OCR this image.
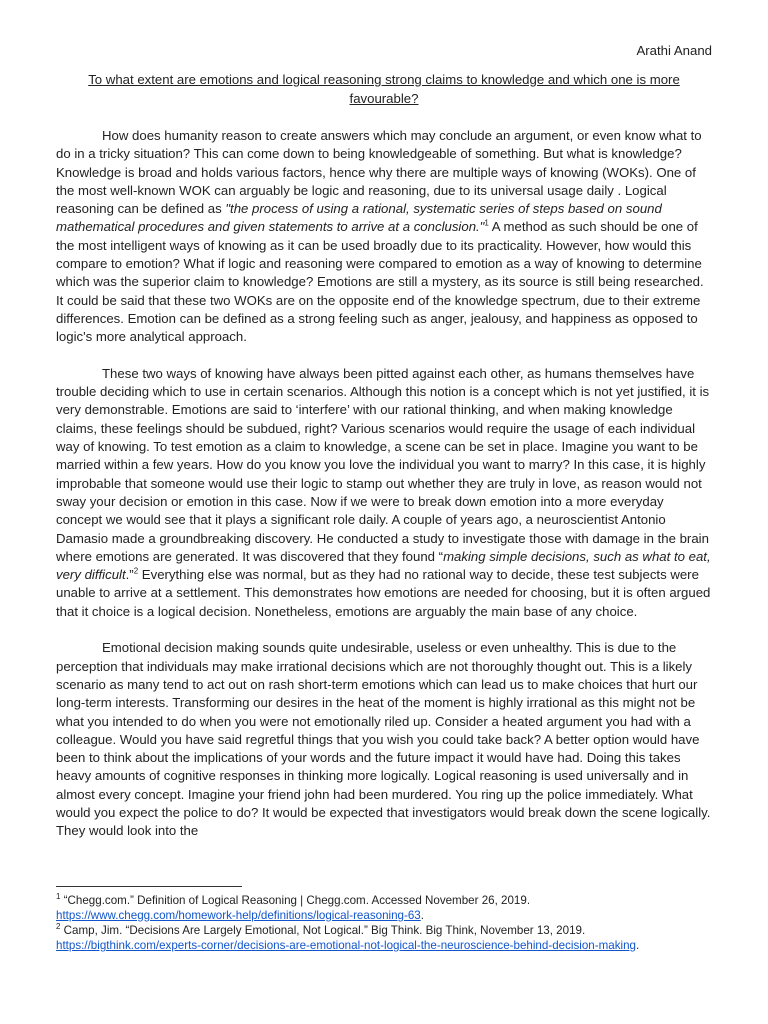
Arathi Anand
To what extent are emotions and logical reasoning strong claims to knowledge and which one is more favourable?

How does humanity reason to create answers which may conclude an argument, or even know what to do in a tricky situation? This can come down to being knowledgeable of something. But what is knowledge? Knowledge is broad and holds various factors, hence why there are multiple ways of knowing (WOKs). One of the most well-known WOK can arguably be logic and reasoning, due to its universal usage daily . Logical reasoning can be defined as "the process of using a rational, systematic series of steps based on sound mathematical procedures and given statements to arrive at a conclusion."$^1$ A method as such should be one of the most intelligent ways of knowing as it can be used broadly due to its practicality. However, how would this compare to emotion? What if logic and reasoning were compared to emotion as a way of knowing to determine which was the superior claim to knowledge? Emotions are still a mystery, as its source is still being researched. It could be said that these two WOKs are on the opposite end of the knowledge spectrum, due to their extreme differences. Emotion can be defined as a strong feeling such as anger, jealousy, and happiness as opposed to logic's more analytical approach.

These two ways of knowing have always been pitted against each other, as humans themselves have trouble deciding which to use in certain scenarios. Although this notion is a concept which is not yet justified, it is very demonstrable. Emotions are said to ‘interfere’ with our rational thinking, and when making knowledge claims, these feelings should be subdued, right? Various scenarios would require the usage of each individual way of knowing. To test emotion as a claim to knowledge, a scene can be set in place. Imagine you want to be married within a few years. How do you know you love the individual you want to marry? In this case, it is highly improbable that someone would use their logic to stamp out whether they are truly in love, as reason would not sway your decision or emotion in this case. Now if we were to break down emotion into a more everyday concept we would see that it plays a significant role daily. A couple of years ago, a neuroscientist Antonio Damasio made a groundbreaking discovery. He conducted a study to investigate those with damage in the brain where emotions are generated. It was discovered that they found “making simple decisions, such as what to eat, very difficult.”$^2$ Everything else was normal, but as they had no rational way to decide, these test subjects were unable to arrive at a settlement. This demonstrates how emotions are needed for choosing, but it is often argued that it choice is a logical decision. Nonetheless, emotions are arguably the main base of any choice.

Emotional decision making sounds quite undesirable, useless or even unhealthy. This is due to the perception that individuals may make irrational decisions which are not thoroughly thought out. This is a likely scenario as many tend to act out on rash short-term emotions which can lead us to make choices that hurt our long-term interests. Transforming our desires in the heat of the moment is highly irrational as this might not be what you intended to do when you were not emotionally riled up. Consider a heated argument you had with a colleague. Would you have said regretful things that you wish you could take back? A better option would have been to think about the implications of your words and the future impact it would have had. Doing this takes heavy amounts of cognitive responses in thinking more logically. Logical reasoning is used universally and in almost every concept. Imagine your friend john had been murdered. You ring up the police immediately. What would you expect the police to do? It would be expected that investigators would break down the scene logically. They would look into the

$^1$ “Chegg.com.” Definition of Logical Reasoning | Chegg.com. Accessed November 26, 2019.
https://www.chegg.com/homework-help/definitions/logical-reasoning-63.
$^2$ Camp, Jim. “Decisions Are Largely Emotional, Not Logical.” Big Think. Big Think, November 13, 2019.
https://bigthink.com/experts-corner/decisions-are-emotional-not-logical-the-neuroscience-behind-decision-making.
